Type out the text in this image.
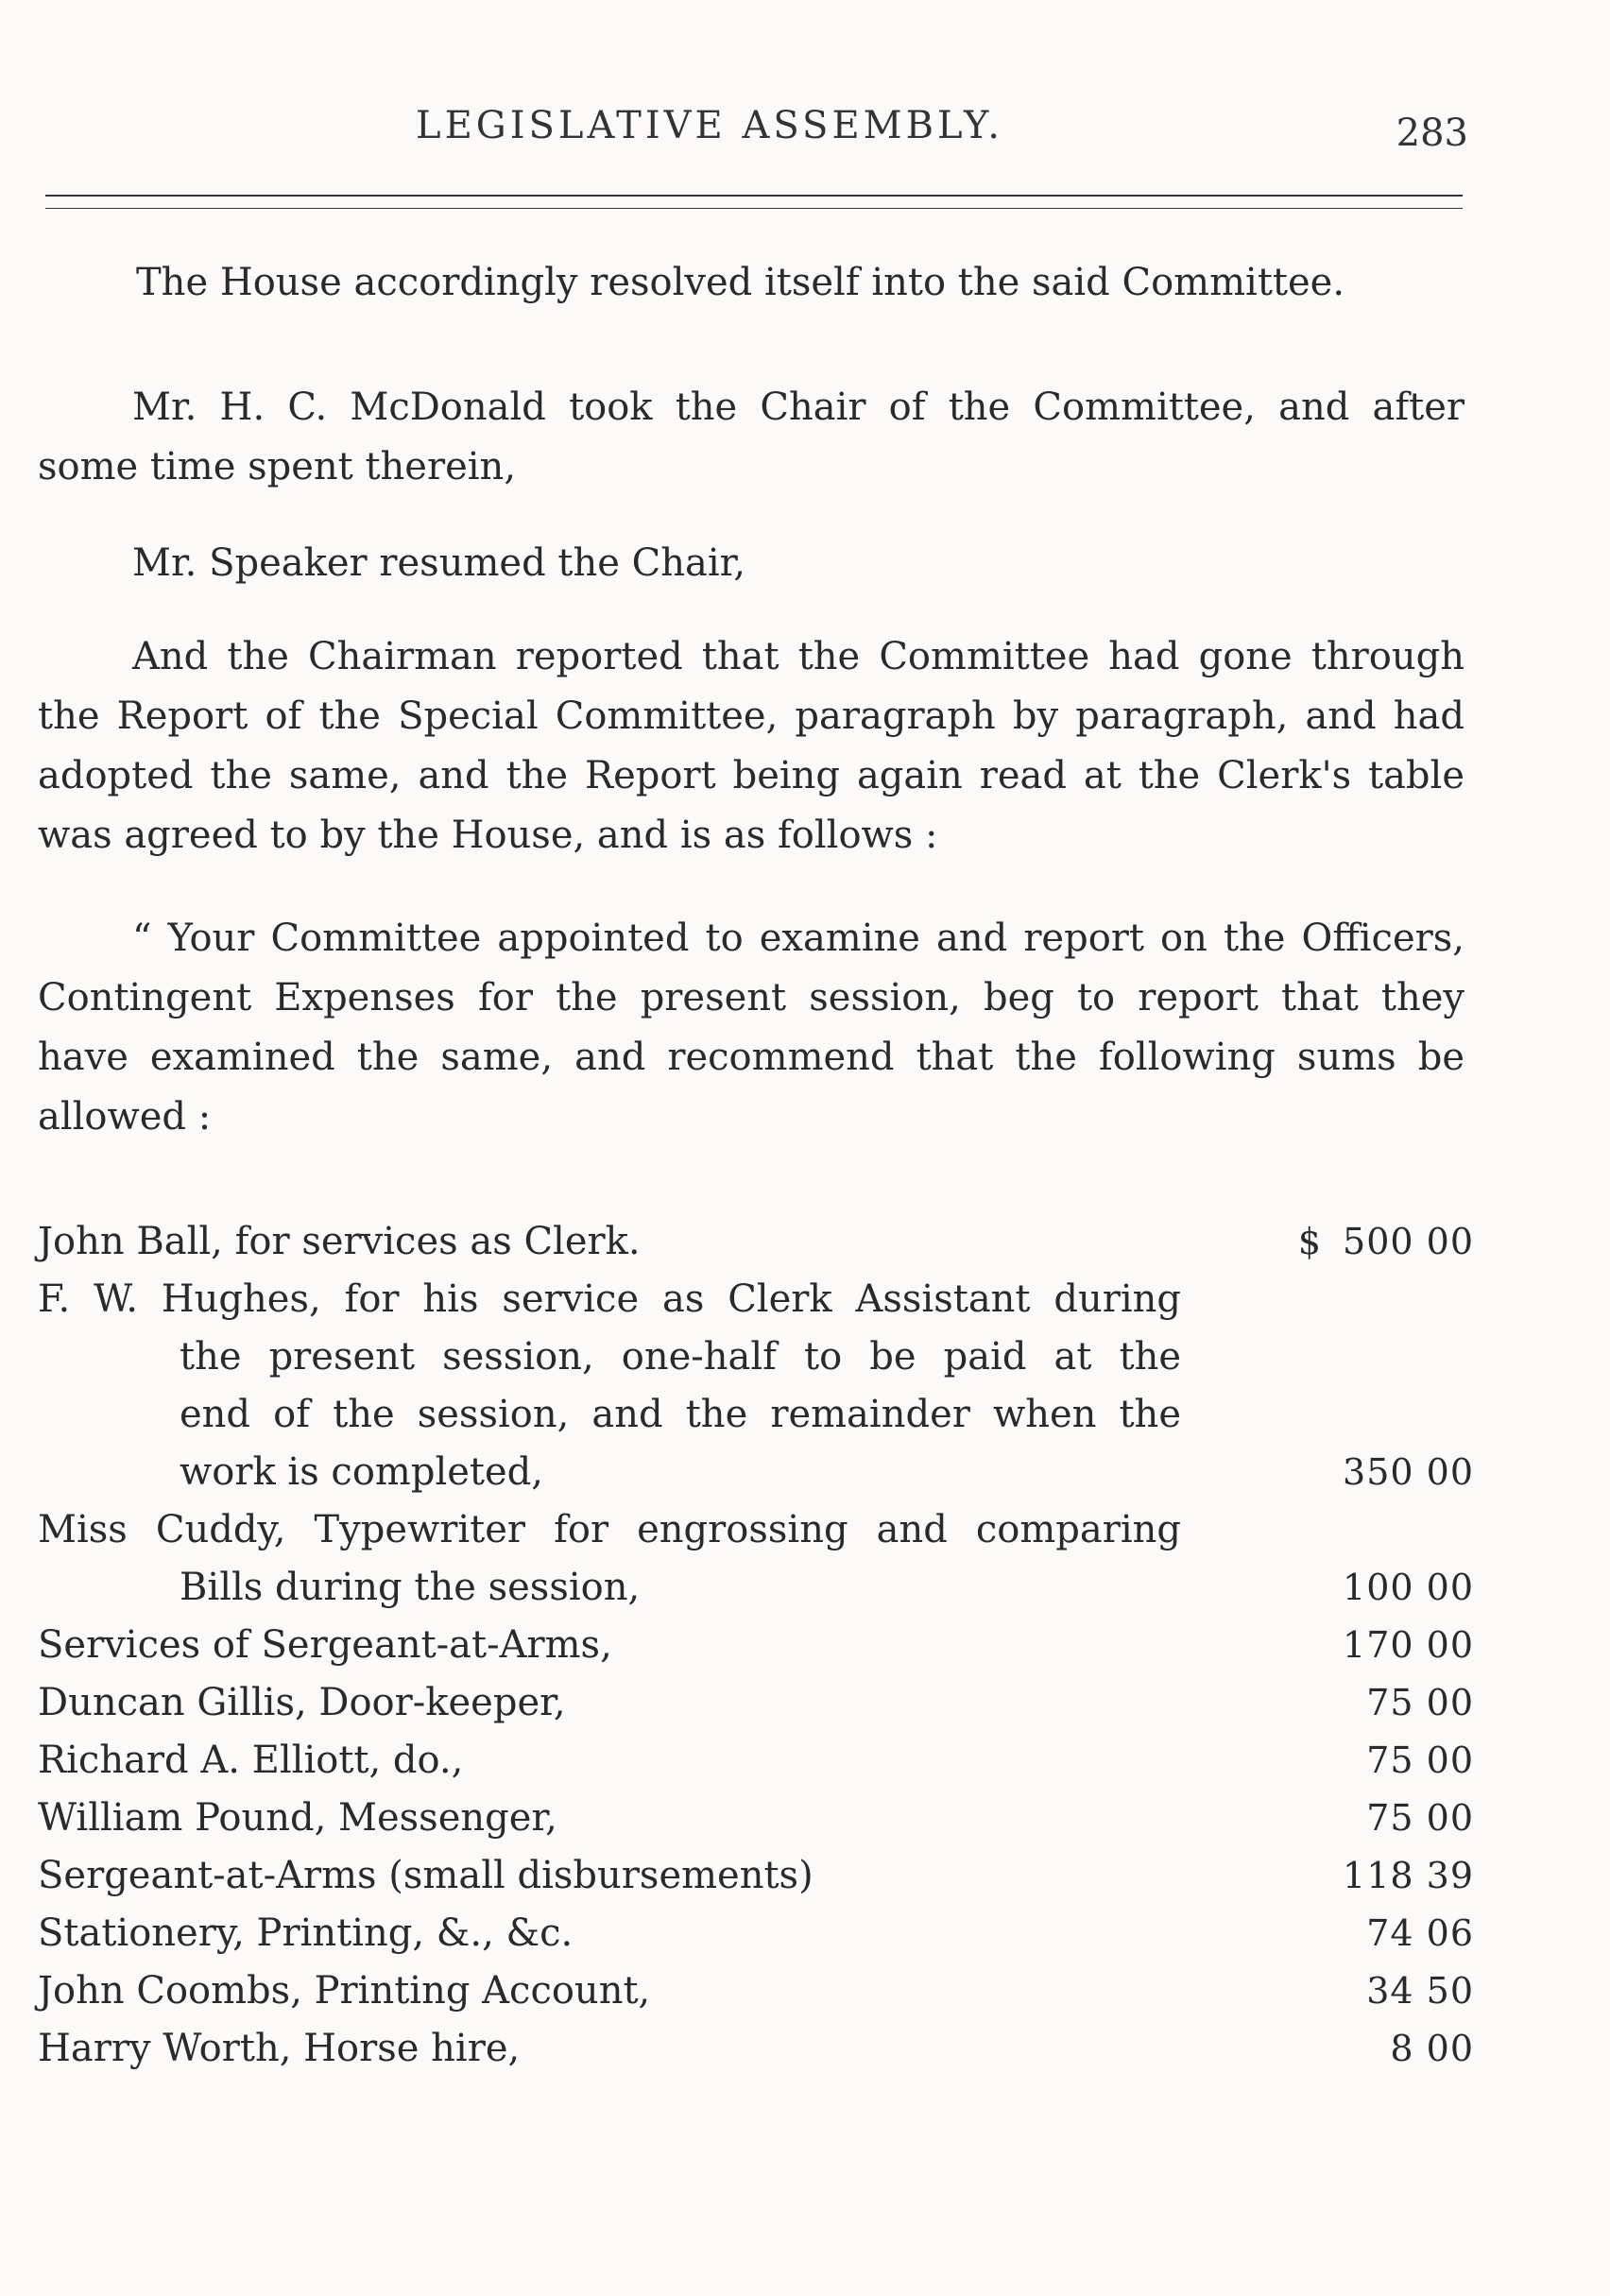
LEGISLATIVE ASSEMBLY.	283
The House accordingly resolved itself into the said Committee.
Mr. H. C. McDonald took the Chair of the Committee, and after
some time spent therein,
Mr. Speaker resumed the Chair,
And the Chairman reported that the Committee had gone through
the Report of the Special Committee, paragraph by paragraph, and had
adopted the same, and the Report being again read at the Clerk's table
was agreed to by the House, and is as follows :
“ Your Committee appointed to examine and report on the Officers,
Contingent Expenses for the present session, beg to report that they
have examined the same, and recommend that the following sums be
allowed :
John Ball, for services as Clerk.	$ 500 00
F. W. Hughes, for his service as Clerk Assistant during
the present session, one-half to be paid at the
end of the session, and the remainder when the
work is completed,	350 00
Miss Cuddy, Typewriter for engrossing and comparing
Bills during the session,	100 00
Services of Sergeant-at-Arms,	170 00
Duncan Gillis, Door-keeper,	75 00
Richard A. Elliott, do.,	75 00
William Pound, Messenger,	75 00
Sergeant-at-Arms (small disbursements)	118 39
Stationery, Printing, &., &c.	74 06
John Coombs, Printing Account,	34 50
Harry Worth, Horse hire,	8 00
